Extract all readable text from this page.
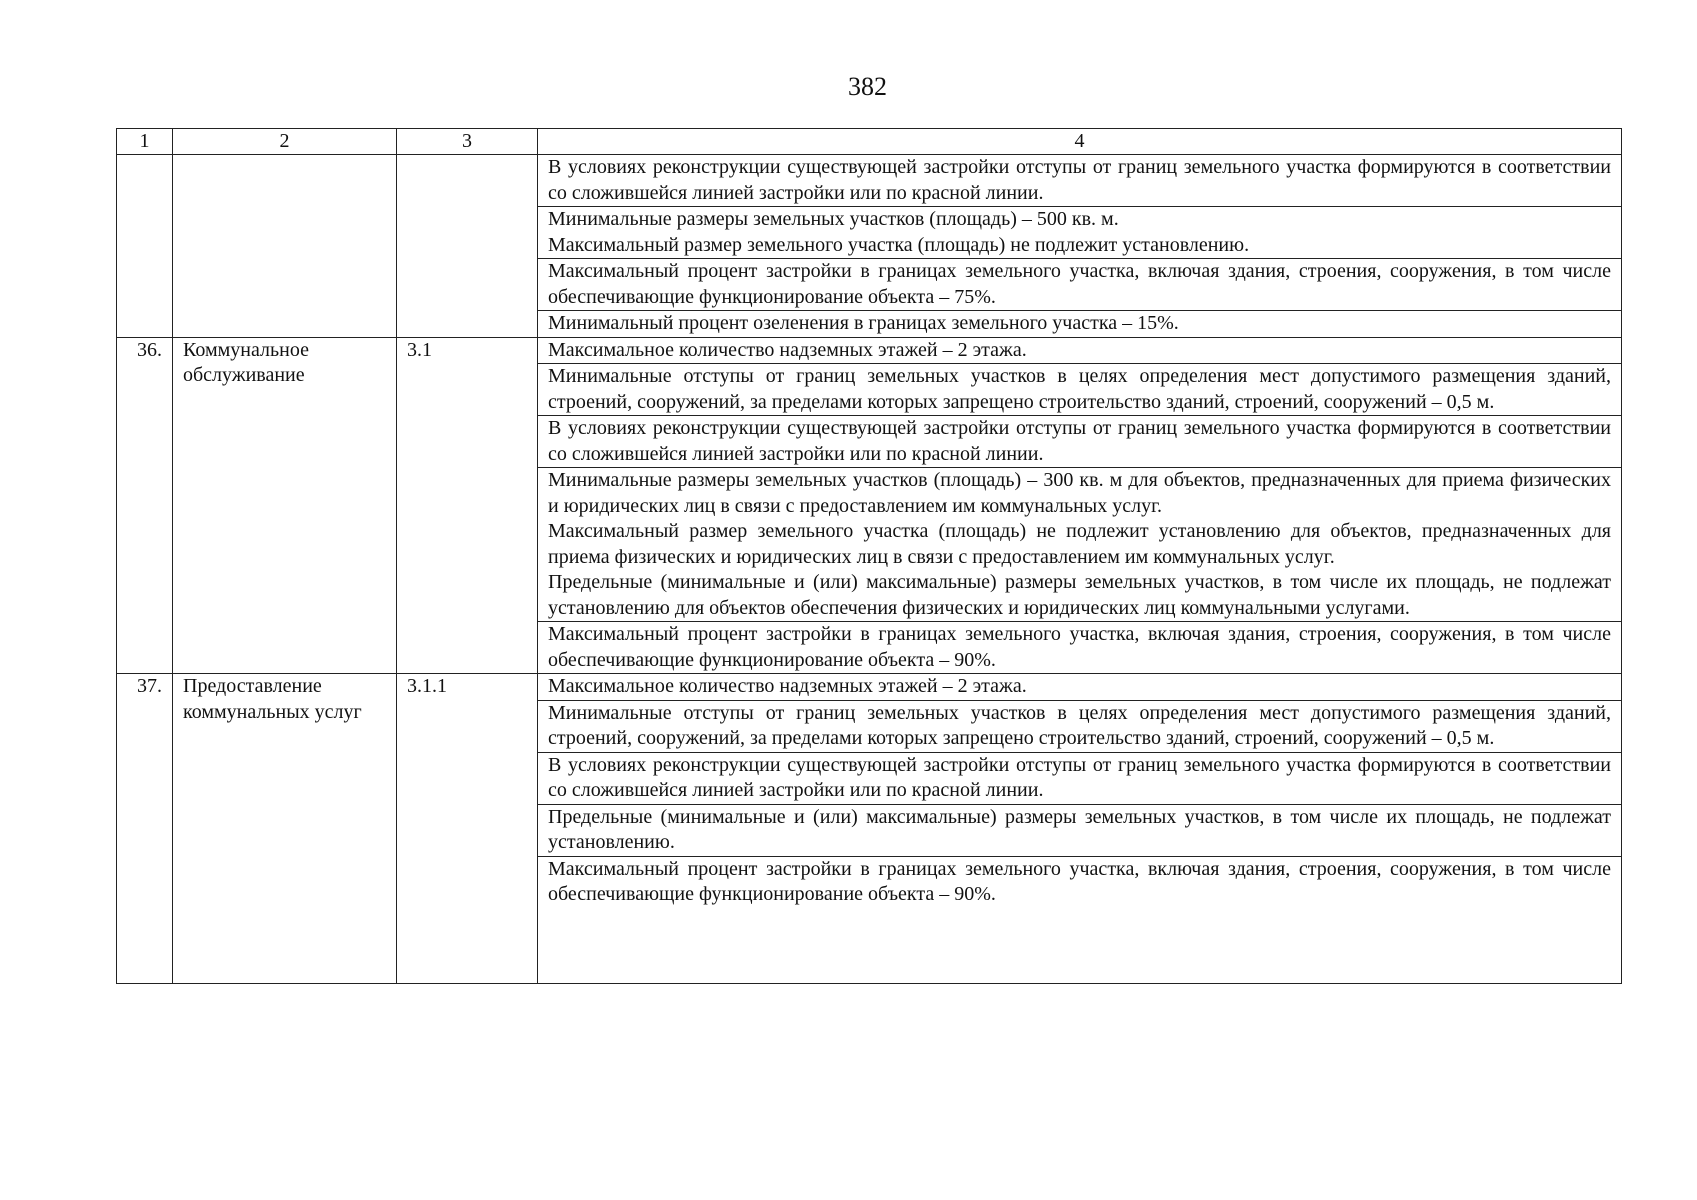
382
1	2	3	4

			В условиях реконструкции существующей застройки отступы от границ земельного участка формируются в соответствии со сложившейся линией застройки или по красной линии.

			Минимальные размеры земельных участков (площадь) – 500 кв. м.

Максимальный размер земельного участка (площадь) не подлежит установлению.

			Максимальный процент застройки в границах земельного участка, включая здания, строения, сооружения, в том числе обеспечивающие функционирование объекта – 75%.

			Минимальный процент озеленения в границах земельного участка – 15%.

36.	Коммунальное обслуживание	3.1	Максимальное количество надземных этажей – 2 этажа.

			Минимальные отступы от границ земельных участков в целях определения мест допустимого размещения зданий, строений, сооружений, за пределами которых запрещено строительство зданий, строений, сооружений – 0,5 м.

			В условиях реконструкции существующей застройки отступы от границ земельного участка формируются в соответствии со сложившейся линией застройки или по красной линии.

			Минимальные размеры земельных участков (площадь) – 300 кв. м для объектов, предназначенных для приема физических и юридических лиц в связи с предоставлением им коммунальных услуг.

Максимальный размер земельного участка (площадь) не подлежит установлению для объектов, предназначенных для приема физических и юридических лиц в связи с предоставлением им коммунальных услуг.

Предельные (минимальные и (или) максимальные) размеры земельных участков, в том числе их площадь, не подлежат установлению для объектов обеспечения физических и юридических лиц коммунальными услугами.

			Максимальный процент застройки в границах земельного участка, включая здания, строения, сооружения, в том числе обеспечивающие функционирование объекта – 90%.

37.	Предоставление коммунальных услуг	3.1.1	Максимальное количество надземных этажей – 2 этажа.

			Минимальные отступы от границ земельных участков в целях определения мест допустимого размещения зданий, строений, сооружений, за пределами которых запрещено строительство зданий, строений, сооружений – 0,5 м.

			В условиях реконструкции существующей застройки отступы от границ земельного участка формируются в соответствии со сложившейся линией застройки или по красной линии.

			Предельные (минимальные и (или) максимальные) размеры земельных участков, в том числе их площадь, не подлежат установлению.

			Максимальный процент застройки в границах земельного участка, включая здания, строения, сооружения, в том числе обеспечивающие функционирование объекта – 90%.
